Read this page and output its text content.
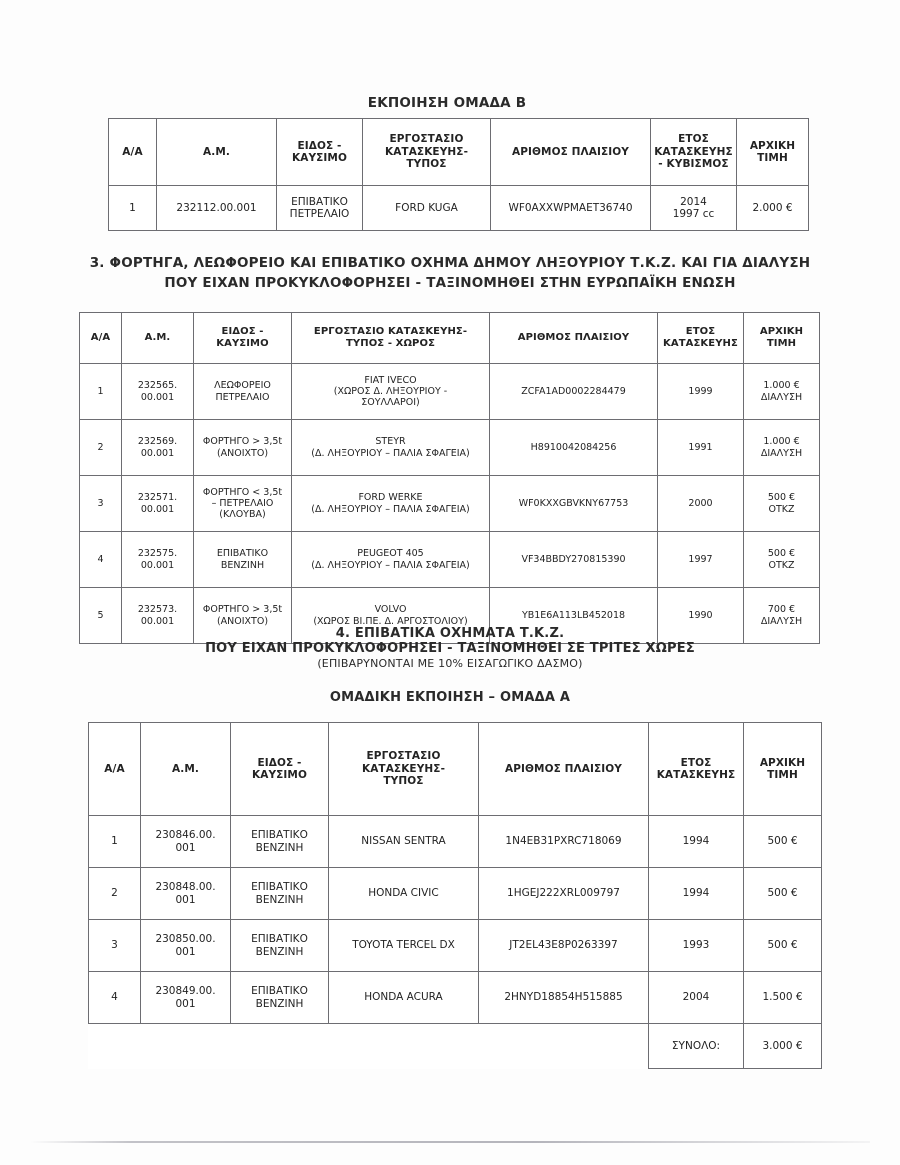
ΕΚΠΟΙΗΣΗ ΟΜΑΔΑ Β
Α/Α	Α.Μ.	ΕΙΔΟΣ -
ΚΑΥΣΙΜΟ	ΕΡΓΟΣΤΑΣΙΟ
ΚΑΤΑΣΚΕΥΗΣ-
ΤΥΠΟΣ	ΑΡΙΘΜΟΣ ΠΛΑΙΣΙΟΥ	ΕΤΟΣ
ΚΑΤΑΣΚΕΥΗΣ
- ΚΥΒΙΣΜΟΣ	ΑΡΧΙΚΗ
ΤΙΜΗ

1	232112.00.001	ΕΠΙΒΑΤΙΚΟ
ΠΕΤΡΕΛΑΙΟ	FORD KUGA	WF0AXXWPMAET36740	2014
1997 cc	2.000 €
3. ΦΟΡΤΗΓΑ, ΛΕΩΦΟΡΕΙΟ ΚΑΙ ΕΠΙΒΑΤΙΚΟ ΟΧΗΜΑ ΔΗΜΟΥ ΛΗΞΟΥΡΙΟΥ Τ.Κ.Ζ. ΚΑΙ ΓΙΑ ΔΙΑΛΥΣΗ
ΠΟΥ ΕΙΧΑΝ ΠΡΟΚΥΚΛΟΦΟΡΗΣΕΙ - ΤΑΞΙΝΟΜΗΘΕΙ ΣΤΗΝ ΕΥΡΩΠΑΪΚΗ ΕΝΩΣΗ
Α/Α	Α.Μ.	ΕΙΔΟΣ -
ΚΑΥΣΙΜΟ	ΕΡΓΟΣΤΑΣΙΟ ΚΑΤΑΣΚΕΥΗΣ-
ΤΥΠΟΣ - ΧΩΡΟΣ	ΑΡΙΘΜΟΣ ΠΛΑΙΣΙΟΥ	ΕΤΟΣ
ΚΑΤΑΣΚΕΥΗΣ	ΑΡΧΙΚΗ
ΤΙΜΗ

1	232565.
00.001	ΛΕΩΦΟΡΕΙΟ
ΠΕΤΡΕΛΑΙΟ	FIAT IVECO
(ΧΩΡΟΣ Δ. ΛΗΞΟΥΡΙΟΥ -
ΣΟΥΛΛΑΡΟΙ)	ZCFA1AD0002284479	1999	1.000 €
ΔΙΑΛΥΣΗ

2	232569.
00.001	ΦΟΡΤΗΓΟ > 3,5t
(ΑΝΟΙΧΤΟ)	STEYR
(Δ. ΛΗΞΟΥΡΙΟΥ – ΠΑΛΙΑ ΣΦΑΓΕΙΑ)	H8910042084256	1991	1.000 €
ΔΙΑΛΥΣΗ

3	232571.
00.001	ΦΟΡΤΗΓΟ < 3,5t
– ΠΕΤΡΕΛΑΙΟ
(ΚΛΟΥΒΑ)	FORD WERKE
(Δ. ΛΗΞΟΥΡΙΟΥ – ΠΑΛΙΑ ΣΦΑΓΕΙΑ)	WF0KXXGBVKNY67753	2000	500 €
ΟΤΚΖ

4	232575.
00.001	ΕΠΙΒΑΤΙΚΟ
ΒΕΝΖΙΝΗ	PEUGEOT 405
(Δ. ΛΗΞΟΥΡΙΟΥ – ΠΑΛΙΑ ΣΦΑΓΕΙΑ)	VF34BBDY270815390	1997	500 €
ΟΤΚΖ

5	232573.
00.001	ΦΟΡΤΗΓΟ > 3,5t
(ΑΝΟΙΧΤΟ)	VOLVO
(ΧΩΡΟΣ ΒΙ.ΠΕ. Δ. ΑΡΓΟΣΤΟΛΙΟΥ)	YB1E6A113LB452018	1990	700 €
ΔΙΑΛΥΣΗ
4. ΕΠΙΒΑΤΙΚΑ ΟΧΗΜΑΤΑ Τ.Κ.Ζ.
ΠΟΥ ΕΙΧΑΝ ΠΡΟΚΥΚΛΟΦΟΡΗΣΕΙ - ΤΑΞΙΝΟΜΗΘΕΙ ΣΕ ΤΡΙΤΕΣ ΧΩΡΕΣ
(ΕΠΙΒΑΡΥΝΟΝΤΑΙ ΜΕ 10% ΕΙΣΑΓΩΓΙΚΟ ΔΑΣΜΟ)
ΟΜΑΔΙΚΗ ΕΚΠΟΙΗΣΗ – ΟΜΑΔΑ Α
Α/Α	Α.Μ.	ΕΙΔΟΣ -
ΚΑΥΣΙΜΟ	ΕΡΓΟΣΤΑΣΙΟ
ΚΑΤΑΣΚΕΥΗΣ-
ΤΥΠΟΣ	ΑΡΙΘΜΟΣ ΠΛΑΙΣΙΟΥ	ΕΤΟΣ
ΚΑΤΑΣΚΕΥΗΣ	ΑΡΧΙΚΗ
ΤΙΜΗ

1	230846.00.
001	ΕΠΙΒΑΤΙΚΟ
ΒΕΝΖΙΝΗ	NISSAN SENTRA	1N4EB31PXRC718069	1994	500 €
2	230848.00.
001	ΕΠΙΒΑΤΙΚΟ
ΒΕΝΖΙΝΗ	HONDA CIVIC	1HGEJ222XRL009797	1994	500 €
3	230850.00.
001	ΕΠΙΒΑΤΙΚΟ
ΒΕΝΖΙΝΗ	TOYOTA TERCEL DX	JT2EL43E8P0263397	1993	500 €
4	230849.00.
001	ΕΠΙΒΑΤΙΚΟ
ΒΕΝΖΙΝΗ	HONDA ACURA	2HNYD18854H515885	2004	1.500 €
					ΣΥΝΟΛΟ:	3.000 €
